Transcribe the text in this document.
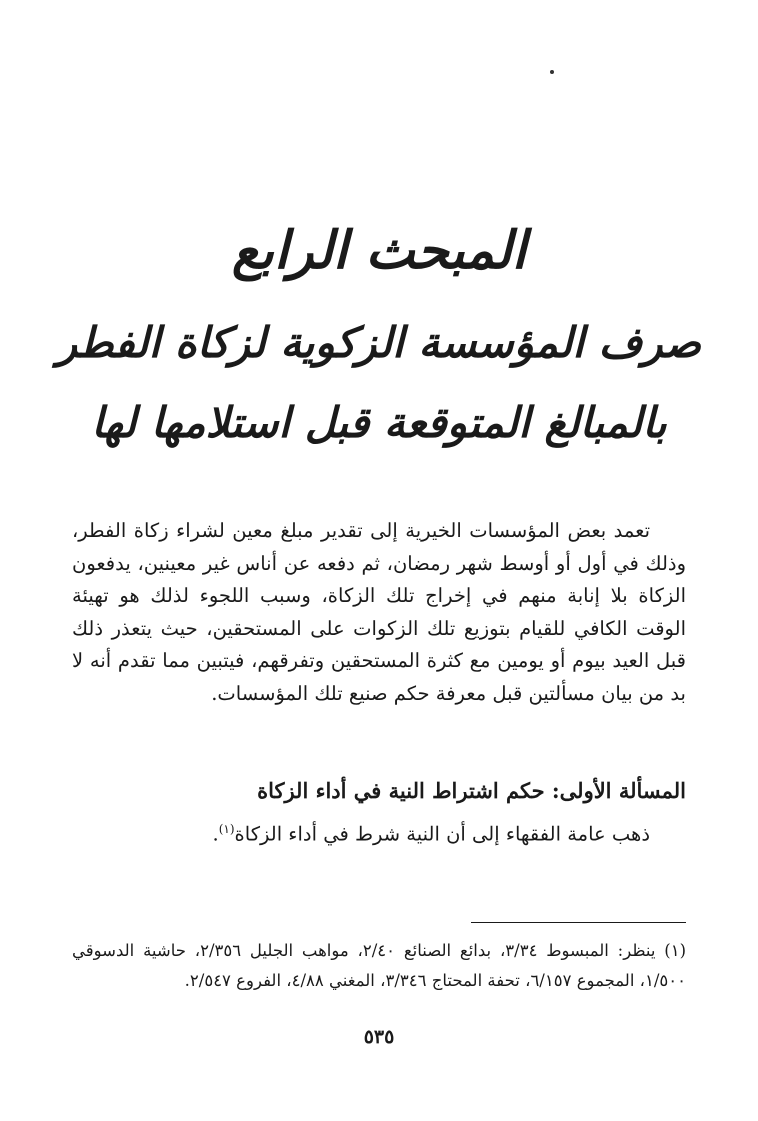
المبحث الرابع
صرف المؤسسة الزكوية لزكاة الفطر
بالمبالغ المتوقعة قبل استلامها لها

تعمد بعض المؤسسات الخيرية إلى تقدير مبلغ معين لشراء زكاة الفطر، وذلك في أول أو أوسط شهر رمضان، ثم دفعه عن أناس غير معينين، يدفعون الزكاة بلا إنابة منهم في إخراج تلك الزكاة، وسبب اللجوء لذلك هو تهيئة الوقت الكافي للقيام بتوزيع تلك الزكوات على المستحقين، حيث يتعذر ذلك قبل العيد بيوم أو يومين مع كثرة المستحقين وتفرقهم، فيتبين مما تقدم أنه لا بد من بيان مسألتين قبل معرفة حكم صنيع تلك المؤسسات.

المسألة الأولى: حكم اشتراط النية في أداء الزكاة

ذهب عامة الفقهاء إلى أن النية شرط في أداء الزكاة$^{(١)}$.

(١) ينظر: المبسوط ٣/٣٤، بدائع الصنائع ٢/٤٠، مواهب الجليل ٢/٣٥٦، حاشية الدسوقي ١/٥٠٠، المجموع ٦/١٥٧، تحفة المحتاج ٣/٣٤٦، المغني ٤/٨٨، الفروع ٢/٥٤٧.

٥٣٥
